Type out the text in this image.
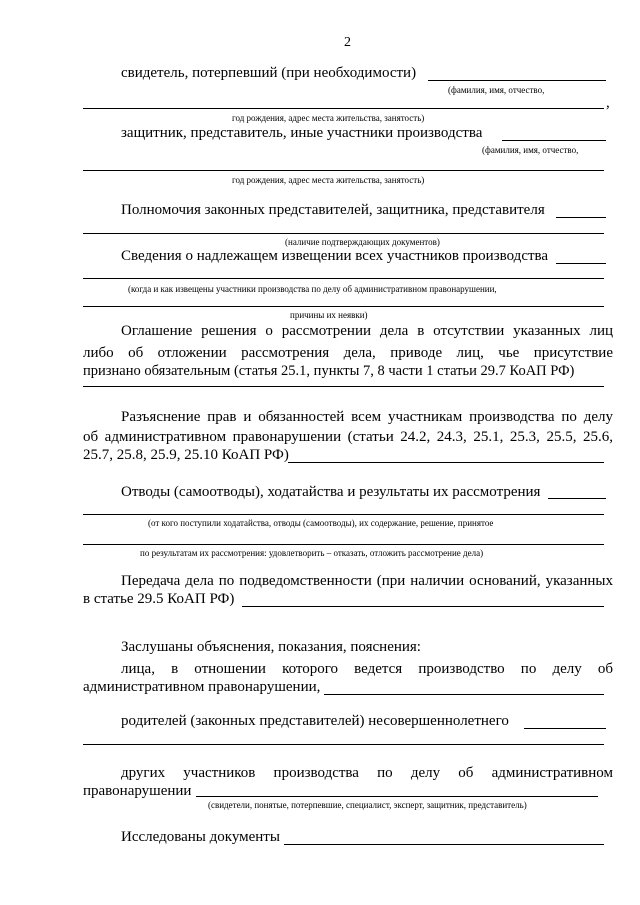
2
свидетель, потерпевший (при необходимости)
(фамилия, имя, отчество,
,
год рождения, адрес места жительства, занятость)
защитник, представитель, иные участники производства
(фамилия, имя, отчество,
год рождения, адрес места жительства, занятость)
Полномочия законных представителей, защитника, представителя
(наличие подтверждающих документов)
Сведения о надлежащем извещении всех участников производства
(когда и как извещены участники производства по делу об административном правонарушении,
причины их неявки)
Оглашение решения о рассмотрении дела в отсутствии указанных лиц
либо об отложении рассмотрения дела, приводе лиц, чье присутствие
признано обязательным (статья 25.1, пункты 7, 8 части 1 статьи 29.7 КоАП РФ)
Разъяснение прав и обязанностей всем участникам производства по делу
об административном правонарушении (статьи 24.2, 24.3, 25.1, 25.3, 25.5, 25.6,
25.7, 25.8, 25.9, 25.10 КоАП РФ)
Отводы (самоотводы), ходатайства и результаты их рассмотрения
(от кого поступили ходатайства, отводы (самоотводы), их содержание, решение, принятое
по результатам их рассмотрения: удовлетворить – отказать, отложить рассмотрение дела)
Передача дела по подведомственности (при наличии оснований, указанных
в статье 29.5 КоАП РФ)
Заслушаны объяснения, показания, пояснения:
лица, в отношении которого ведется производство по делу об
административном правонарушении,
родителей (законных представителей) несовершеннолетнего
других участников производства по делу об административном
правонарушении
(свидетели, понятые, потерпевшие, специалист, эксперт, защитник, представитель)
Исследованы документы
